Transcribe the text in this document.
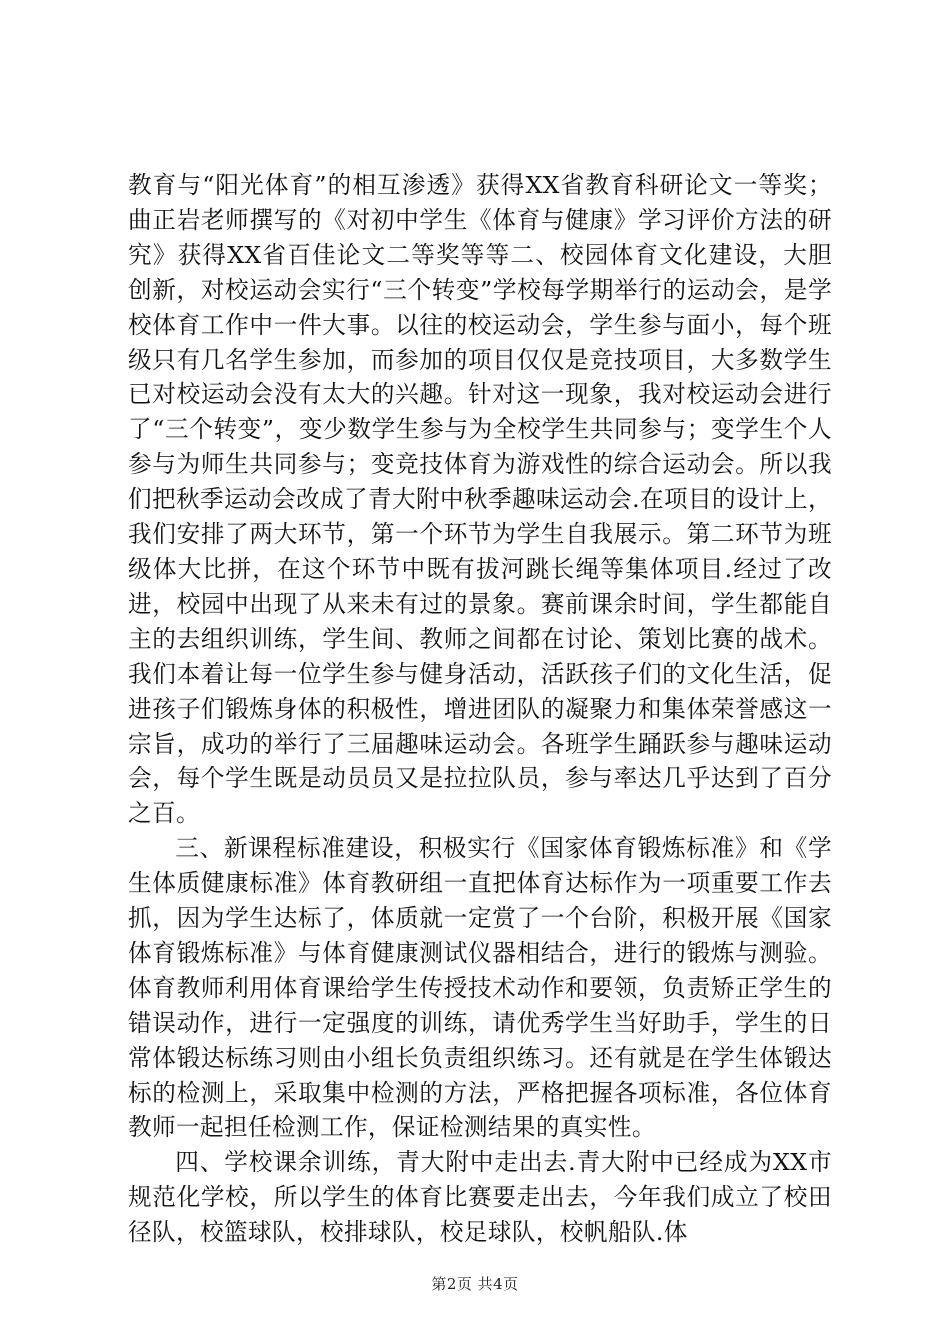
教育与“阳光体育”的相互渗透》获得XX省教育科研论文一等奖；曲正岩老师撰写的《对初中学生《体育与健康》学习评价方法的研究》获得XX省百佳论文二等奖等等二、校园体育文化建设，大胆创新，对校运动会实行“三个转变”学校每学期举行的运动会，是学校体育工作中一件大事。以往的校运动会，学生参与面小，每个班级只有几名学生参加，而参加的项目仅仅是竞技项目，大多数学生已对校运动会没有太大的兴趣。针对这一现象，我对校运动会进行了“三个转变”，变少数学生参与为全校学生共同参与；变学生个人参与为师生共同参与；变竞技体育为游戏性的综合运动会。所以我们把秋季运动会改成了青大附中秋季趣味运动会.在项目的设计上，我们安排了两大环节，第一个环节为学生自我展示。第二环节为班级体大比拼，在这个环节中既有拔河跳长绳等集体项目.经过了改进，校园中出现了从来未有过的景象。赛前课余时间，学生都能自主的去组织训练，学生间、教师之间都在讨论、策划比赛的战术。我们本着让每一位学生参与健身活动，活跃孩子们的文化生活，促进孩子们锻炼身体的积极性，增进团队的凝聚力和集体荣誉感这一宗旨，成功的举行了三届趣味运动会。各班学生踊跃参与趣味运动会，每个学生既是动员员又是拉拉队员，参与率达几乎达到了百分之百。

三、新课程标准建设，积极实行《国家体育锻炼标准》和《学生体质健康标准》体育教研组一直把体育达标作为一项重要工作去抓，因为学生达标了，体质就一定赏了一个台阶，积极开展《国家体育锻炼标准》与体育健康测试仪器相结合，进行的锻炼与测验。体育教师利用体育课给学生传授技术动作和要领，负责矫正学生的错误动作，进行一定强度的训练，请优秀学生当好助手，学生的日常体锻达标练习则由小组长负责组织练习。还有就是在学生体锻达标的检测上，采取集中检测的方法，严格把握各项标准，各位体育教师一起担任检测工作，保证检测结果的真实性。

四、学校课余训练，青大附中走出去.青大附中已经成为XX市规范化学校，所以学生的体育比赛要走出去，今年我们成立了校田径队，校篮球队，校排球队，校足球队，校帆船队.体

第2页 共4页
